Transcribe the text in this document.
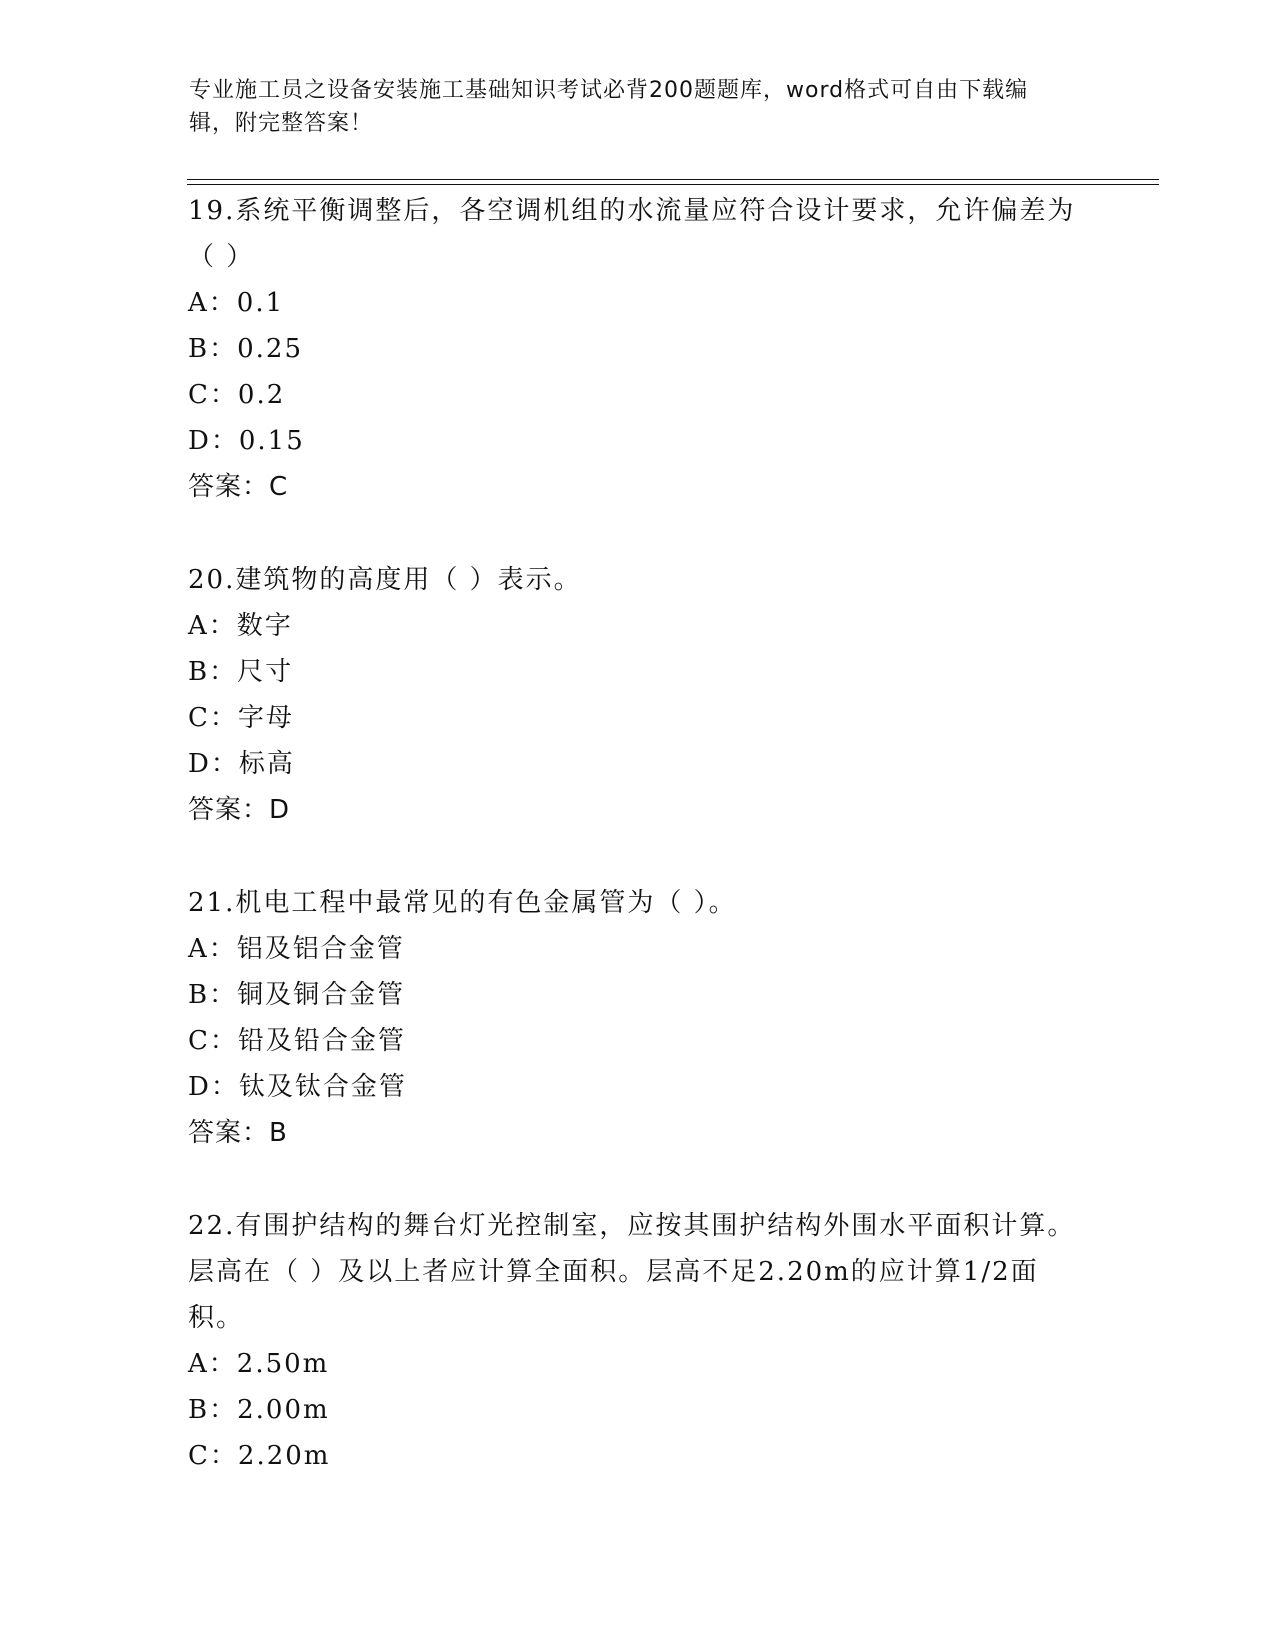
专业施工员之设备安装施工基础知识考试必背200题题库，word格式可自由下载编辑，附完整答案！
19.系统平衡调整后，各空调机组的水流量应符合设计要求，允许偏差为（ ）
A：0.1
B：0.25
C：0.2
D：0.15
答案：C
20.建筑物的高度用（ ）表示。
A：数字
B：尺寸
C：字母
D：标高
答案：D
21.机电工程中最常见的有色金属管为（ ）。
A：铝及铝合金管
B：铜及铜合金管
C：铅及铅合金管
D：钛及钛合金管
答案：B
22.有围护结构的舞台灯光控制室，应按其围护结构外围水平面积计算。层高在（ ）及以上者应计算全面积。层高不足2.20m的应计算1/2面积。
A：2.50m
B：2.00m
C：2.20m
